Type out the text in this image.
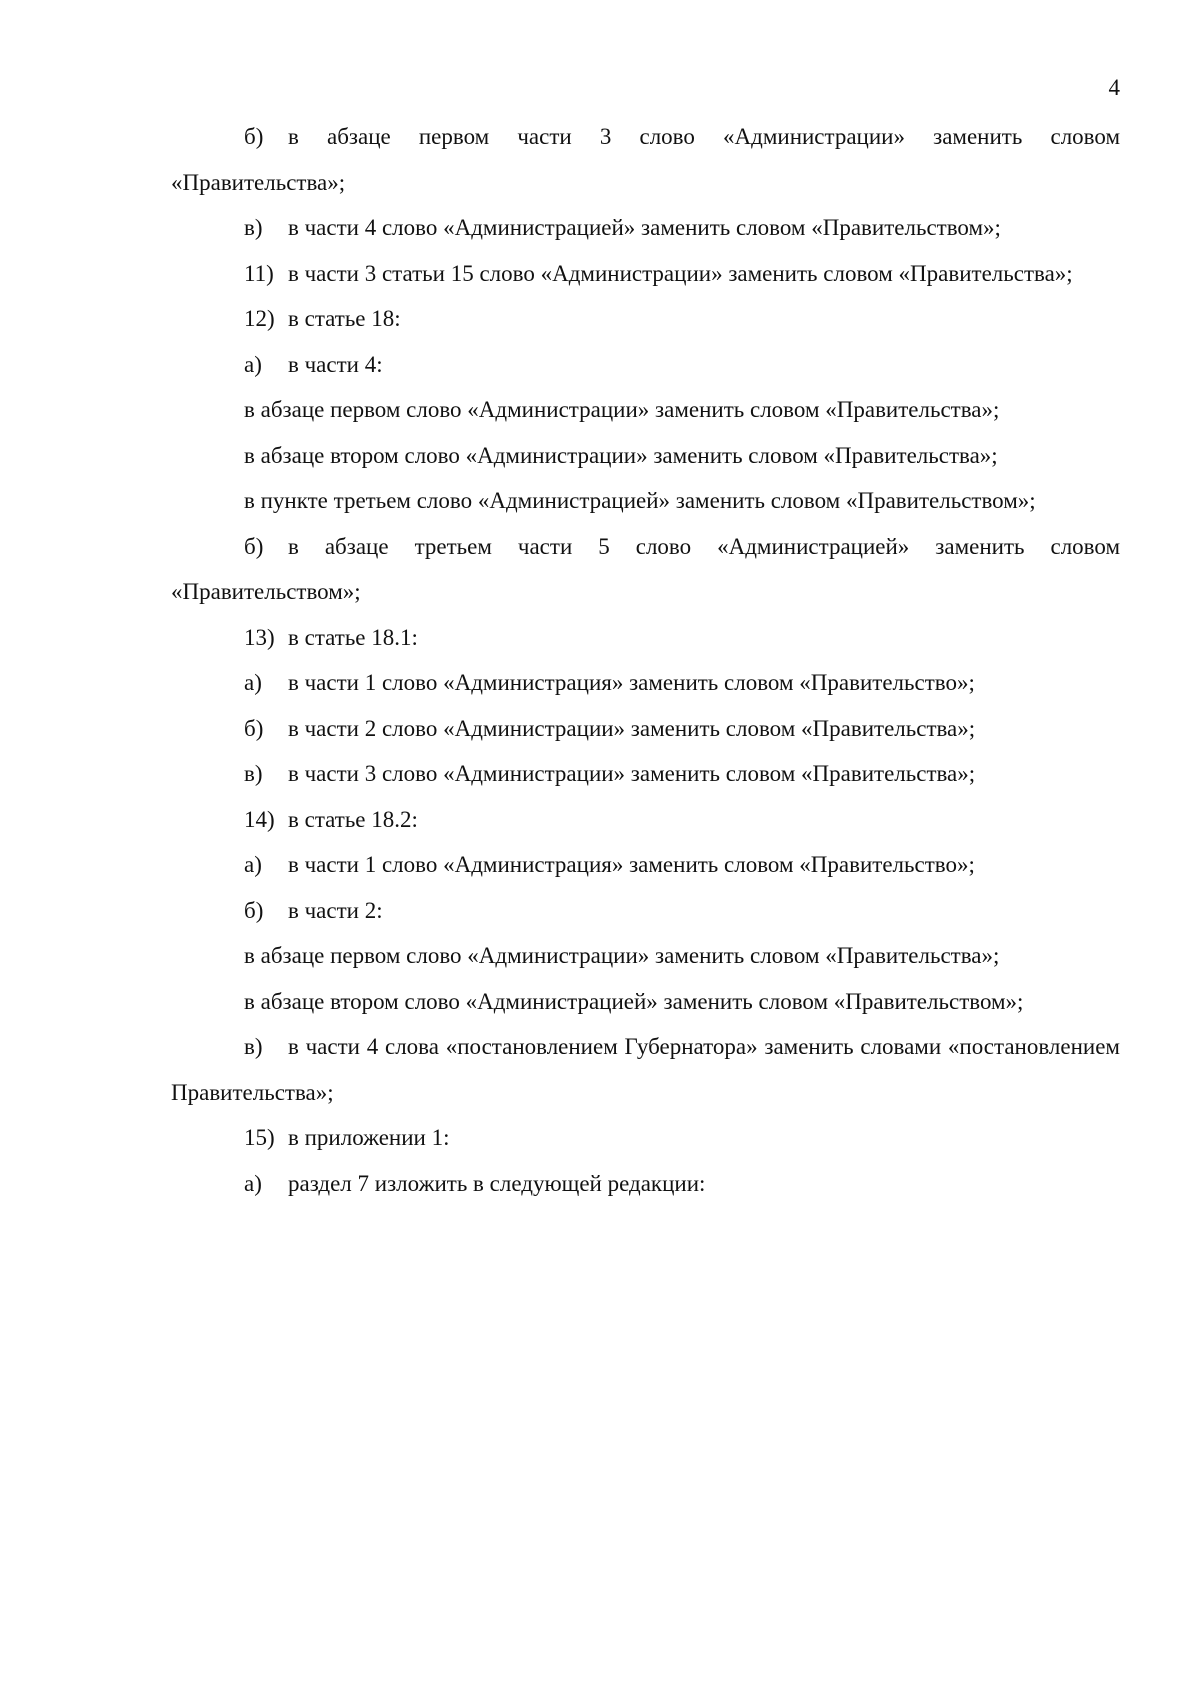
4

б) в абзаце первом части 3 слово «Администрации» заменить словом «Правительства»;

в) в части 4 слово «Администрацией» заменить словом «Правительством»;

11) в части 3 статьи 15 слово «Администрации» заменить словом «Правительства»;

12) в статье 18:

а) в части 4:

в абзаце первом слово «Администрации» заменить словом «Правительства»;

в абзаце втором слово «Администрации» заменить словом «Правительства»;

в пункте третьем слово «Администрацией» заменить словом «Правительством»;

б) в абзаце третьем части 5 слово «Администрацией» заменить словом «Правительством»;

13) в статье 18.1:

а) в части 1 слово «Администрация» заменить словом «Правительство»;

б) в части 2 слово «Администрации» заменить словом «Правительства»;

в) в части 3 слово «Администрации» заменить словом «Правительства»;

14) в статье 18.2:

а) в части 1 слово «Администрация» заменить словом «Правительство»;

б) в части 2:

в абзаце первом слово «Администрации» заменить словом «Правительства»;

в абзаце втором слово «Администрацией» заменить словом «Правительством»;

в) в части 4 слова «постановлением Губернатора» заменить словами «постановлением Правительства»;

15) в приложении 1:

а) раздел 7 изложить в следующей редакции:
